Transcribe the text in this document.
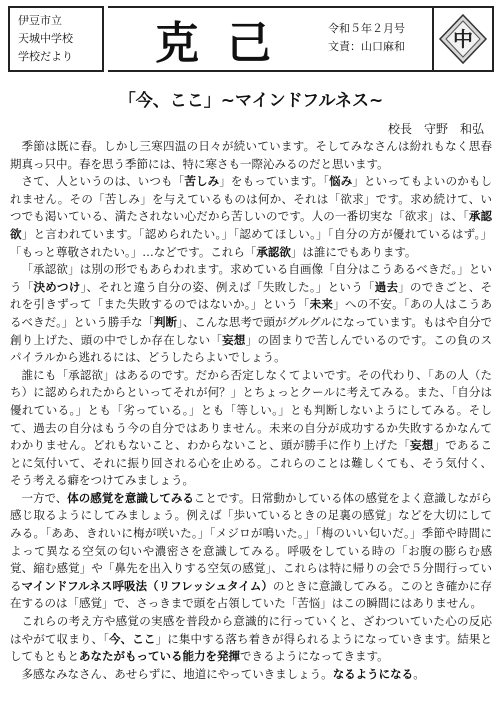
伊豆市立
天城中学校
学校だより	克己	令和５年２月号
文責：山口麻和	中
「今、ここ」~マインドフルネス~
校長　守野　和弘

季節は既に春。しかし三寒四温の日々が続いています。そしてみなさんは紛れもなく思春期真っ只中。春を思う季節には、特に寒さも一際沁みるのだと思います。

さて、人というのは、いつも「苦しみ」をもっています。「悩み」といってもよいのかもしれません。その「苦しみ」を与えているものは何か、それは「欲求」です。求め続けて、いつでも渇いている、満たされない心だから苦しいのです。人の一番切実な「欲求」は、「承認欲」と言われています。「認められたい。」「認めてほしい。」「自分の方が優れているはず。」「もっと尊敬されたい。」…などです。これら「承認欲」は誰にでもあります。

「承認欲」は別の形でもあらわれます。求めている自画像「自分はこうあるべきだ。」という「決めつけ」、それと違う自分の姿、例えば「失敗した。」という「過去」のできごと、それを引きずって「また失敗するのではないか。」という「未来」への不安。「あの人はこうあるべきだ。」という勝手な「判断」、こんな思考で頭がグルグルになっています。もはや自分で創り上げた、頭の中でしか存在しない「妄想」の固まりで苦しんでいるのです。この負のスパイラルから逃れるには、どうしたらよいでしょう。

誰にも「承認欲」はあるのです。だから否定しなくてよいです。その代わり、「あの人（たち）に認められたからといってそれが何？」とちょっとクールに考えてみる。また、「自分は優れている。」とも「劣っている。」とも「等しい。」とも判断しないようにしてみる。そして、過去の自分はもう今の自分ではありません。未来の自分が成功するか失敗するかなんてわかりません。どれもないこと、わからないこと、頭が勝手に作り上げた「妄想」であることに気付いて、それに振り回される心を止める。これらのことは難しくても、そう気付く、そう考える癖をつけてみましょう。

一方で、体の感覚を意識してみることです。日常動かしている体の感覚をよく意識しながら感じ取るようにしてみましょう。例えば「歩いているときの足裏の感覚」などを大切にしてみる。「ああ、きれいに梅が咲いた。」「メジロが鳴いた。」「梅のいい匂いだ。」季節や時間によって異なる空気の匂いや濃密さを意識してみる。呼吸をしている時の「お腹の膨らむ感覚、縮む感覚」や「鼻先を出入りする空気の感覚」、これらは特に帰りの会で５分間行っているマインドフルネス呼吸法（リフレッシュタイム）のときに意識してみる。このとき確かに存在するのは「感覚」で、さっきまで頭を占領していた「苦悩」はこの瞬間にはありません。

これらの考え方や感覚の実感を普段から意識的に行っていくと、ざわついていた心の反応はやがて収まり、「今、ここ」に集中する落ち着きが得られるようになっていきます。結果としてもともとあなたがもっている能力を発揮できるようになってきます。

多感なみなさん、あせらずに、地道にやっていきましょう。なるようになる。
